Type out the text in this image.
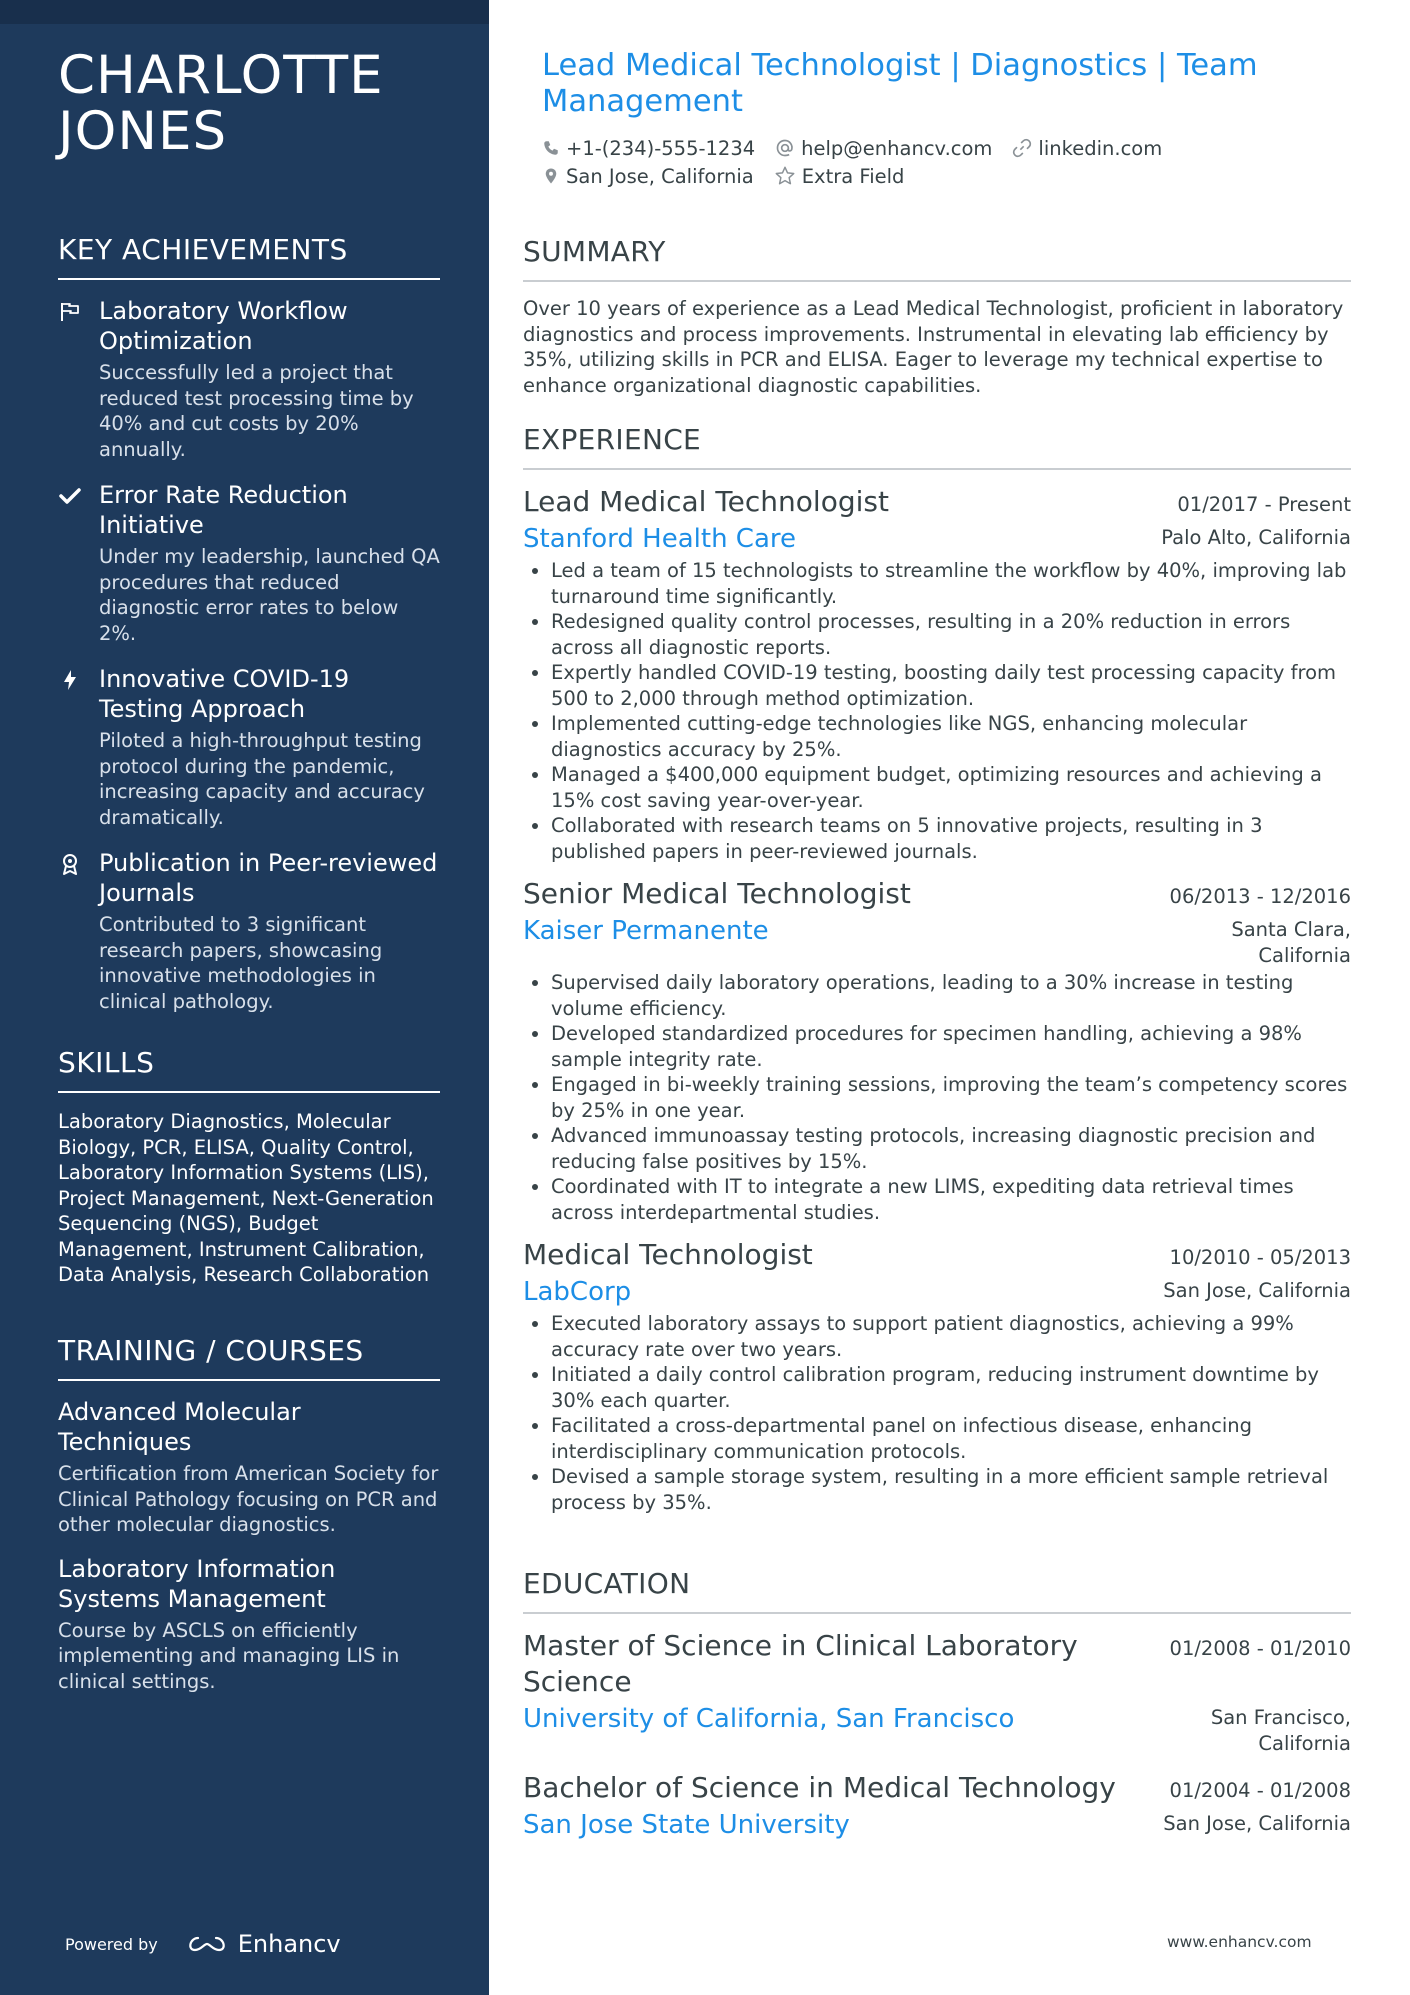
CHARLOTTE JONES
KEY ACHIEVEMENTS
Laboratory Workflow Optimization
Successfully led a project that reduced test processing time by 40% and cut costs by 20% annually.
Error Rate Reduction Initiative
Under my leadership, launched QA procedures that reduced diagnostic error rates to below 2%.
Innovative COVID-19 Testing Approach
Piloted a high-throughput testing protocol during the pandemic, increasing capacity and accuracy dramatically.
Publication in Peer-reviewed Journals
Contributed to 3 significant research papers, showcasing innovative methodologies in clinical pathology.
SKILLS
Laboratory Diagnostics, Molecular Biology, PCR, ELISA, Quality Control, Laboratory Information Systems (LIS), Project Management, Next-Generation Sequencing (NGS), Budget Management, Instrument Calibration, Data Analysis, Research Collaboration
TRAINING / COURSES
Advanced Molecular Techniques
Certification from American Society for Clinical Pathology focusing on PCR and other molecular diagnostics.
Laboratory Information Systems Management
Course by ASCLS on efficiently implementing and managing LIS in clinical settings.
Powered by	Enhancv
Lead Medical Technologist | Diagnostics | Team Management
+1-(234)-555-1234 help@enhancv.com linkedin.com
San Jose, California Extra Field
SUMMARY
Over 10 years of experience as a Lead Medical Technologist, proficient in laboratory diagnostics and process improvements. Instrumental in elevating lab efficiency by 35%, utilizing skills in PCR and ELISA. Eager to leverage my technical expertise to enhance organizational diagnostic capabilities.
EXPERIENCE
Lead Medical Technologist	01/2017 - Present
Stanford Health Care	Palo Alto, California
• Led a team of 15 technologists to streamline the workflow by 40%, improving lab turnaround time significantly.
• Redesigned quality control processes, resulting in a 20% reduction in errors across all diagnostic reports.
• Expertly handled COVID-19 testing, boosting daily test processing capacity from 500 to 2,000 through method optimization.
• Implemented cutting-edge technologies like NGS, enhancing molecular diagnostics accuracy by 25%.
• Managed a $400,000 equipment budget, optimizing resources and achieving a 15% cost saving year-over-year.
• Collaborated with research teams on 5 innovative projects, resulting in 3 published papers in peer-reviewed journals.
Senior Medical Technologist	06/2013 - 12/2016
Kaiser Permanente	Santa Clara, California
• Supervised daily laboratory operations, leading to a 30% increase in testing volume efficiency.
• Developed standardized procedures for specimen handling, achieving a 98% sample integrity rate.
• Engaged in bi-weekly training sessions, improving the team’s competency scores by 25% in one year.
• Advanced immunoassay testing protocols, increasing diagnostic precision and reducing false positives by 15%.
• Coordinated with IT to integrate a new LIMS, expediting data retrieval times across interdepartmental studies.
Medical Technologist	10/2010 - 05/2013
LabCorp	San Jose, California
• Executed laboratory assays to support patient diagnostics, achieving a 99% accuracy rate over two years.
• Initiated a daily control calibration program, reducing instrument downtime by 30% each quarter.
• Facilitated a cross-departmental panel on infectious disease, enhancing interdisciplinary communication protocols.
• Devised a sample storage system, resulting in a more efficient sample retrieval process by 35%.
EDUCATION
Master of Science in Clinical Laboratory Science
01/2008 - 01/2010
University of California, San Francisco	San Francisco, California
Bachelor of Science in Medical Technology	01/2004 - 01/2008
San Jose State University	San Jose, California
www.enhancv.com
